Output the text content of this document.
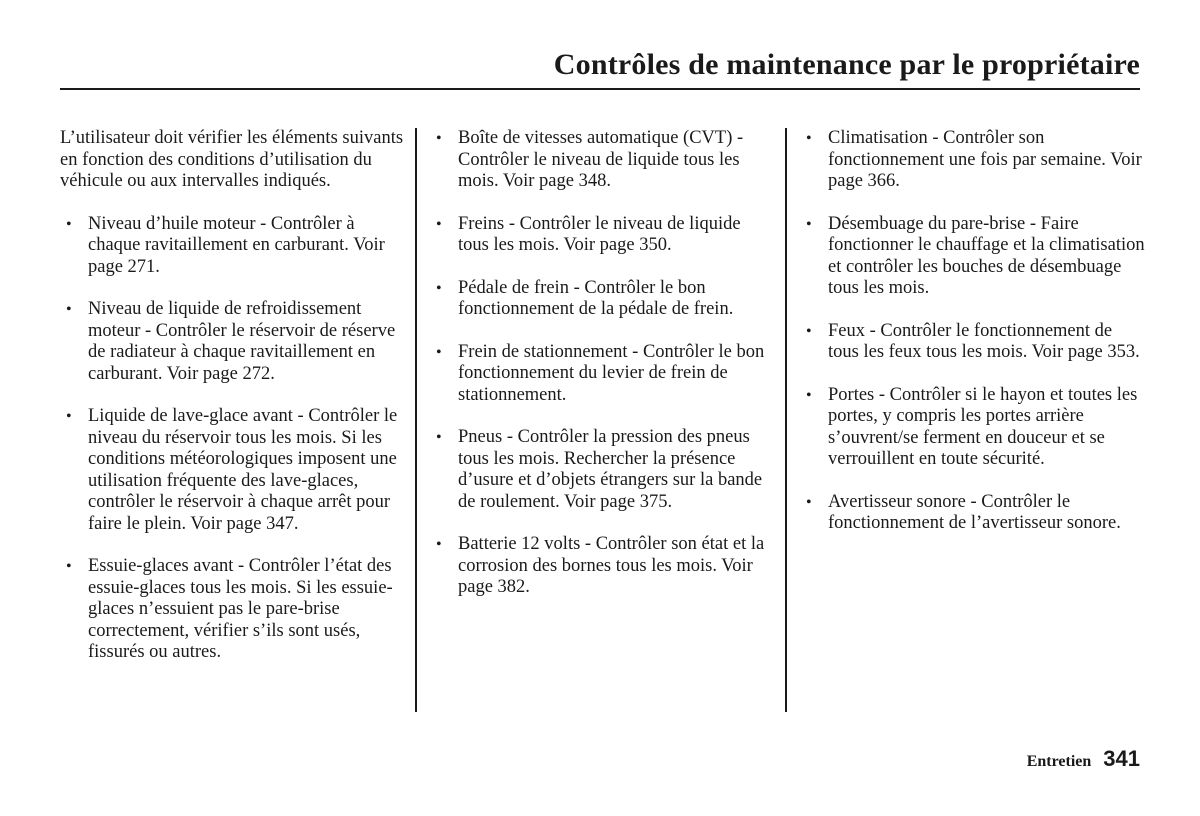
Contrôles de maintenance par le propriétaire

L’utilisateur doit vérifier les éléments suivants en fonction des conditions d’utilisation du véhicule ou aux intervalles indiqués.

• Niveau d’huile moteur - Contrôler à chaque ravitaillement en carburant. Voir page 271.
• Niveau de liquide de refroidissement moteur - Contrôler le réservoir de réserve de radiateur à chaque ravitaillement en carburant. Voir page 272.
• Liquide de lave-glace avant - Contrôler le niveau du réservoir tous les mois. Si les conditions météorologiques imposent une utilisation fréquente des lave-glaces, contrôler le réservoir à chaque arrêt pour faire le plein. Voir page 347.
• Essuie-glaces avant - Contrôler l’état des essuie-glaces tous les mois. Si les essuie-glaces n’essuient pas le pare-brise correctement, vérifier s’ils sont usés, fissurés ou autres.
• Boîte de vitesses automatique (CVT) - Contrôler le niveau de liquide tous les mois. Voir page 348.
• Freins - Contrôler le niveau de liquide tous les mois. Voir page 350.
• Pédale de frein - Contrôler le bon fonctionnement de la pédale de frein.
• Frein de stationnement - Contrôler le bon fonctionnement du levier de frein de stationnement.
• Pneus - Contrôler la pression des pneus tous les mois. Rechercher la présence d’usure et d’objets étrangers sur la bande de roulement. Voir page 375.
• Batterie 12 volts - Contrôler son état et la corrosion des bornes tous les mois. Voir page 382.
• Climatisation - Contrôler son fonctionnement une fois par semaine. Voir page 366.
• Désembuage du pare-brise - Faire fonctionner le chauffage et la climatisation et contrôler les bouches de désembuage tous les mois.
• Feux - Contrôler le fonctionnement de tous les feux tous les mois. Voir page 353.
• Portes - Contrôler si le hayon et toutes les portes, y compris les portes arrière s’ouvrent/se ferment en douceur et se verrouillent en toute sécurité.
• Avertisseur sonore - Contrôler le fonctionnement de l’avertisseur sonore.
Entretien 341
